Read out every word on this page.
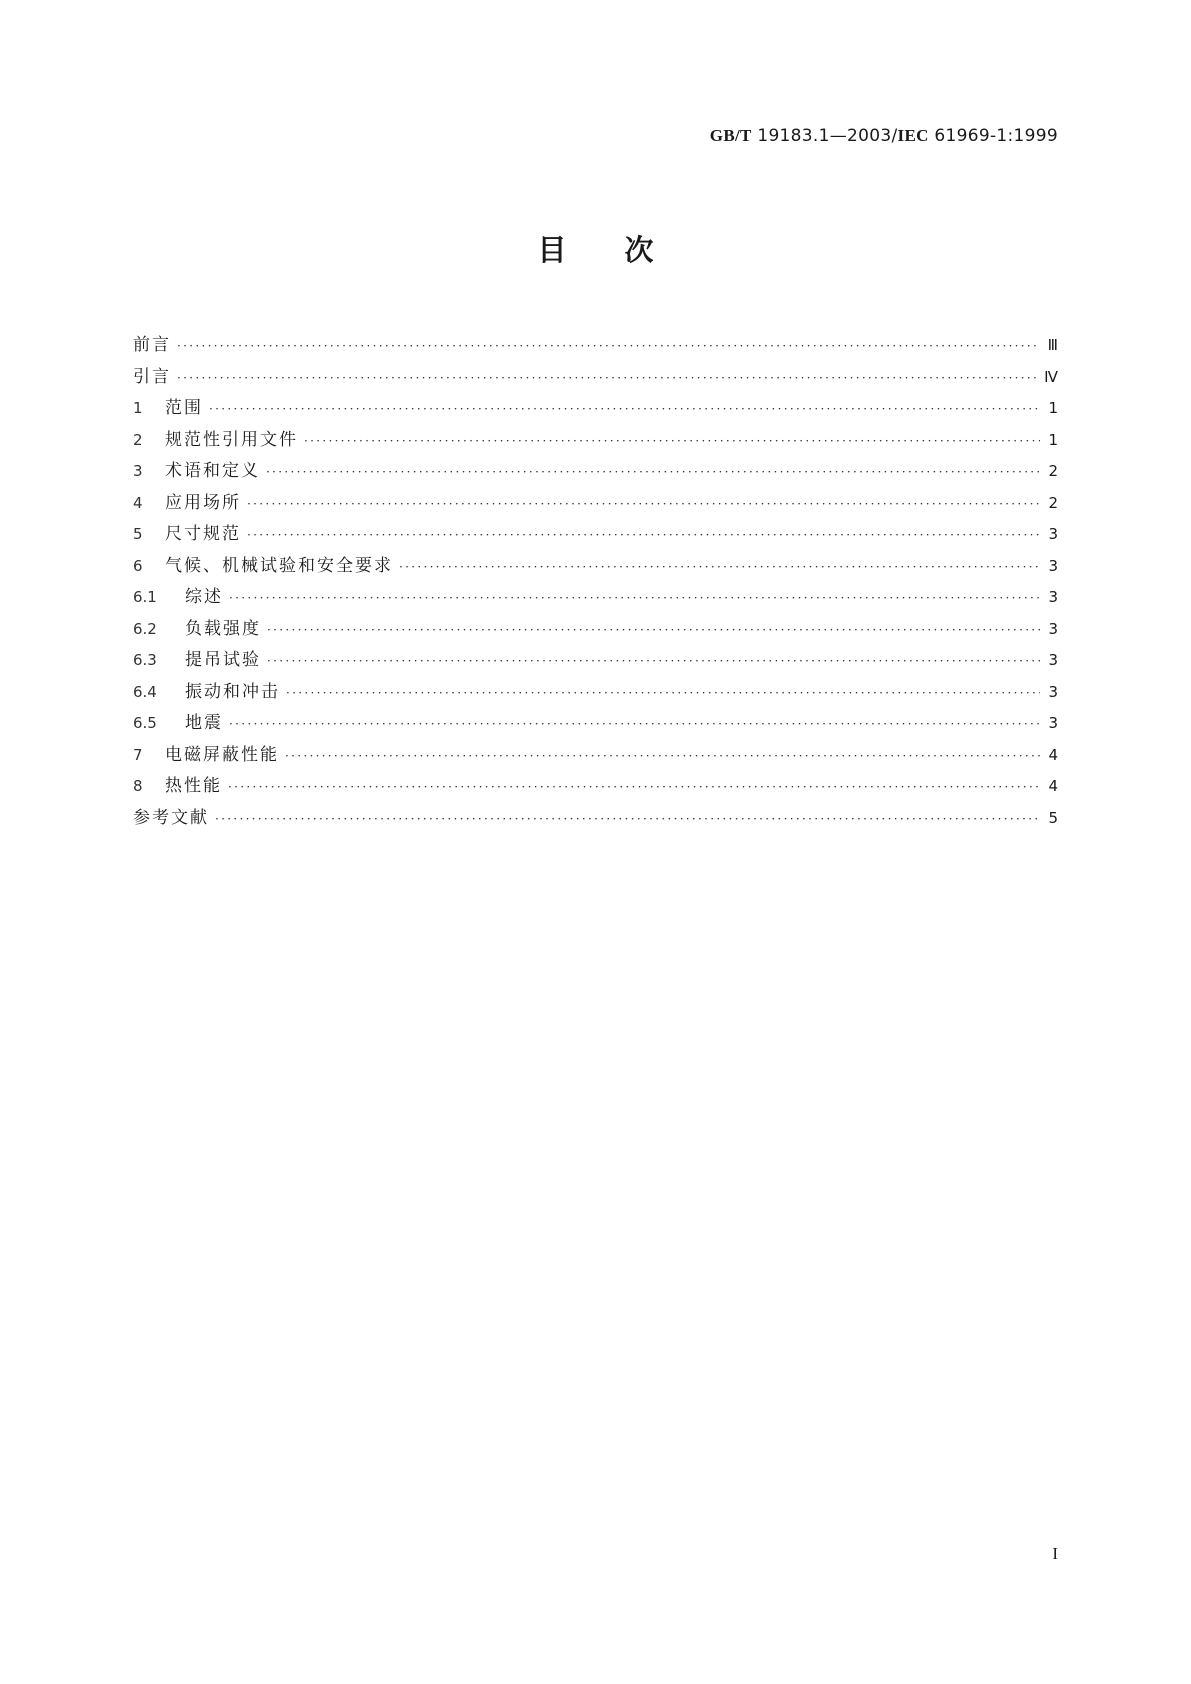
GB/T 19183.1—2003/IEC 61969-1:1999
目次
前言 ·····	Ⅲ
引言 ·····	Ⅳ
1 范围 ·····	1
2 规范性引用文件 ·····	1
3 术语和定义 ·····	2
4 应用场所 ·····	2
5 尺寸规范 ·····	3
6 气候、机械试验和安全要求 ·····	3
6.1 综述 ·····	3
6.2 负载强度 ·····	3
6.3 提吊试验 ·····	3
6.4 振动和冲击 ·····	3
6.5 地震 ·····	3
7 电磁屏蔽性能 ·····	4
8 热性能 ·····	4
参考文献 ·····	5
I
